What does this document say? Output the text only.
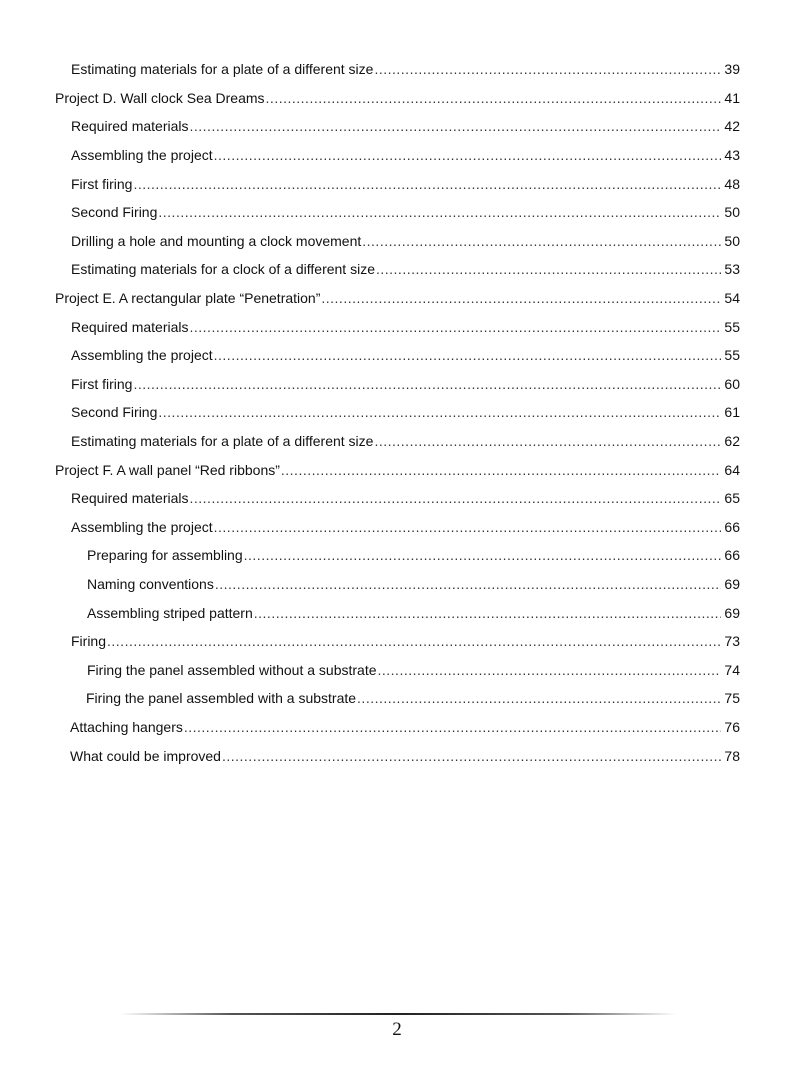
Estimating materials for a plate of a different size .....	39
Project D. Wall clock Sea Dreams .....	41
Required materials .....	42
Assembling the project .....	43
First firing .....	48
Second Firing .....	50
Drilling a hole and mounting a clock movement .....	50
Estimating materials for a clock of a different size .....	53
Project E. A rectangular plate “Penetration” .....	54
Required materials .....	55
Assembling the project .....	55
First firing .....	60
Second Firing .....	61
Estimating materials for a plate of a different size .....	62
Project F. A wall panel “Red ribbons” .....	64
Required materials .....	65
Assembling the project .....	66
Preparing for assembling .....	66
Naming conventions .....	69
Assembling striped pattern .....	69
Firing .....	73
Firing the panel assembled without a substrate .....	74
Firing the panel assembled with a substrate .....	75
Attaching hangers .....	76
What could be improved .....	78
2
